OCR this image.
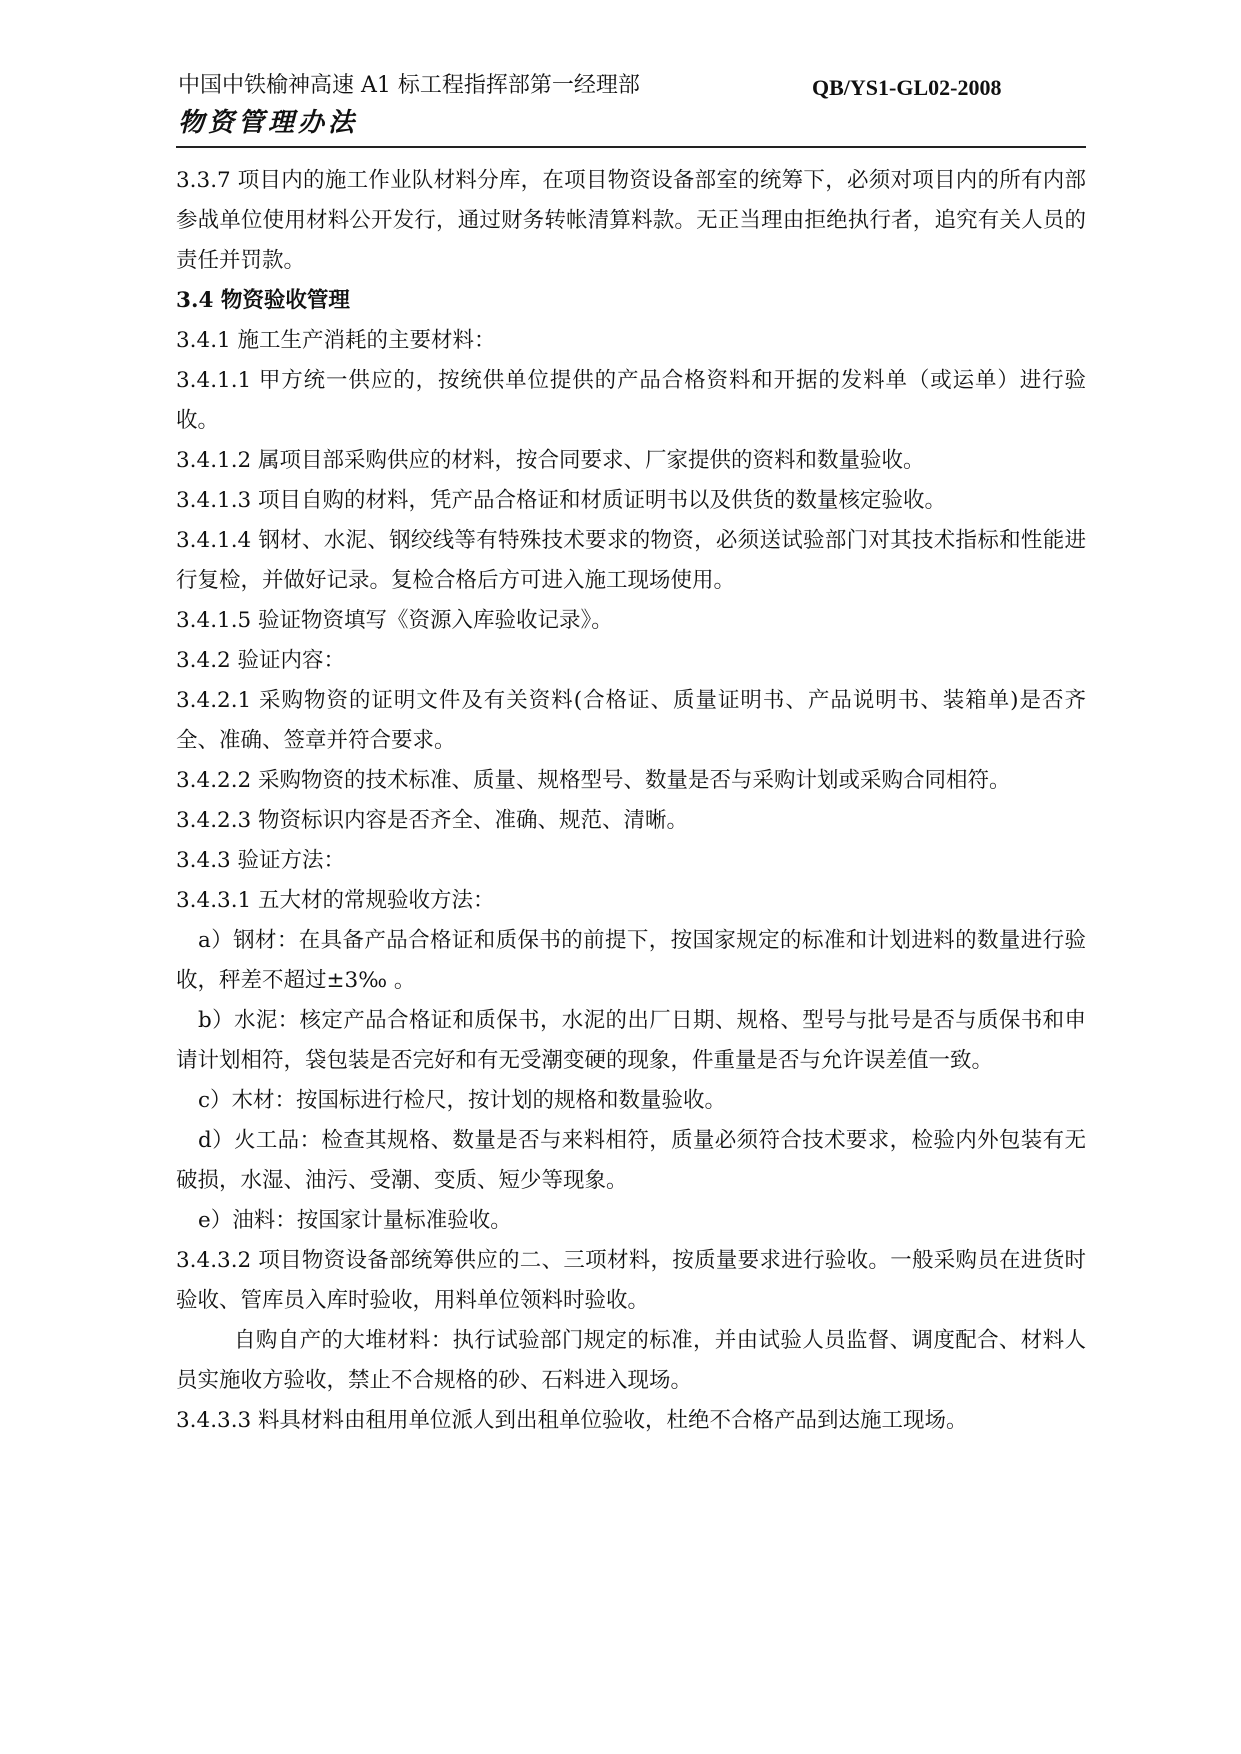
中国中铁榆神高速 A1 标工程指挥部第一经理部	QB/YS1-GL02-2008
物资管理办法

3.3.7 项目内的施工作业队材料分库，在项目物资设备部室的统筹下，必须对项目内的所有内部参战单位使用材料公开发行，通过财务转帐清算料款。无正当理由拒绝执行者，追究有关人员的责任并罚款。

3.4 物资验收管理

3.4.1 施工生产消耗的主要材料：

3.4.1.1 甲方统一供应的，按统供单位提供的产品合格资料和开据的发料单（或运单）进行验收。

3.4.1.2 属项目部采购供应的材料，按合同要求、厂家提供的资料和数量验收。

3.4.1.3 项目自购的材料，凭产品合格证和材质证明书以及供货的数量核定验收。

3.4.1.4 钢材、水泥、钢绞线等有特殊技术要求的物资，必须送试验部门对其技术指标和性能进行复检，并做好记录。复检合格后方可进入施工现场使用。

3.4.1.5 验证物资填写《资源入库验收记录》。

3.4.2 验证内容：

3.4.2.1 采购物资的证明文件及有关资料(合格证、质量证明书、产品说明书、装箱单)是否齐全、准确、签章并符合要求。

3.4.2.2 采购物资的技术标准、质量、规格型号、数量是否与采购计划或采购合同相符。

3.4.2.3 物资标识内容是否齐全、准确、规范、清晰。

3.4.3 验证方法：

3.4.3.1 五大材的常规验收方法：

a）钢材：在具备产品合格证和质保书的前提下，按国家规定的标准和计划进料的数量进行验收，秤差不超过±3‰ 。

b）水泥：核定产品合格证和质保书，水泥的出厂日期、规格、型号与批号是否与质保书和申请计划相符，袋包装是否完好和有无受潮变硬的现象，件重量是否与允许误差值一致。

c）木材：按国标进行检尺，按计划的规格和数量验收。

d）火工品：检查其规格、数量是否与来料相符，质量必须符合技术要求，检验内外包装有无破损，水湿、油污、受潮、变质、短少等现象。

e）油料：按国家计量标准验收。

3.4.3.2 项目物资设备部统筹供应的二、三项材料，按质量要求进行验收。一般采购员在进货时验收、管库员入库时验收，用料单位领料时验收。

自购自产的大堆材料：执行试验部门规定的标准，并由试验人员监督、调度配合、材料人员实施收方验收，禁止不合规格的砂、石料进入现场。

3.4.3.3 料具材料由租用单位派人到出租单位验收，杜绝不合格产品到达施工现场。
